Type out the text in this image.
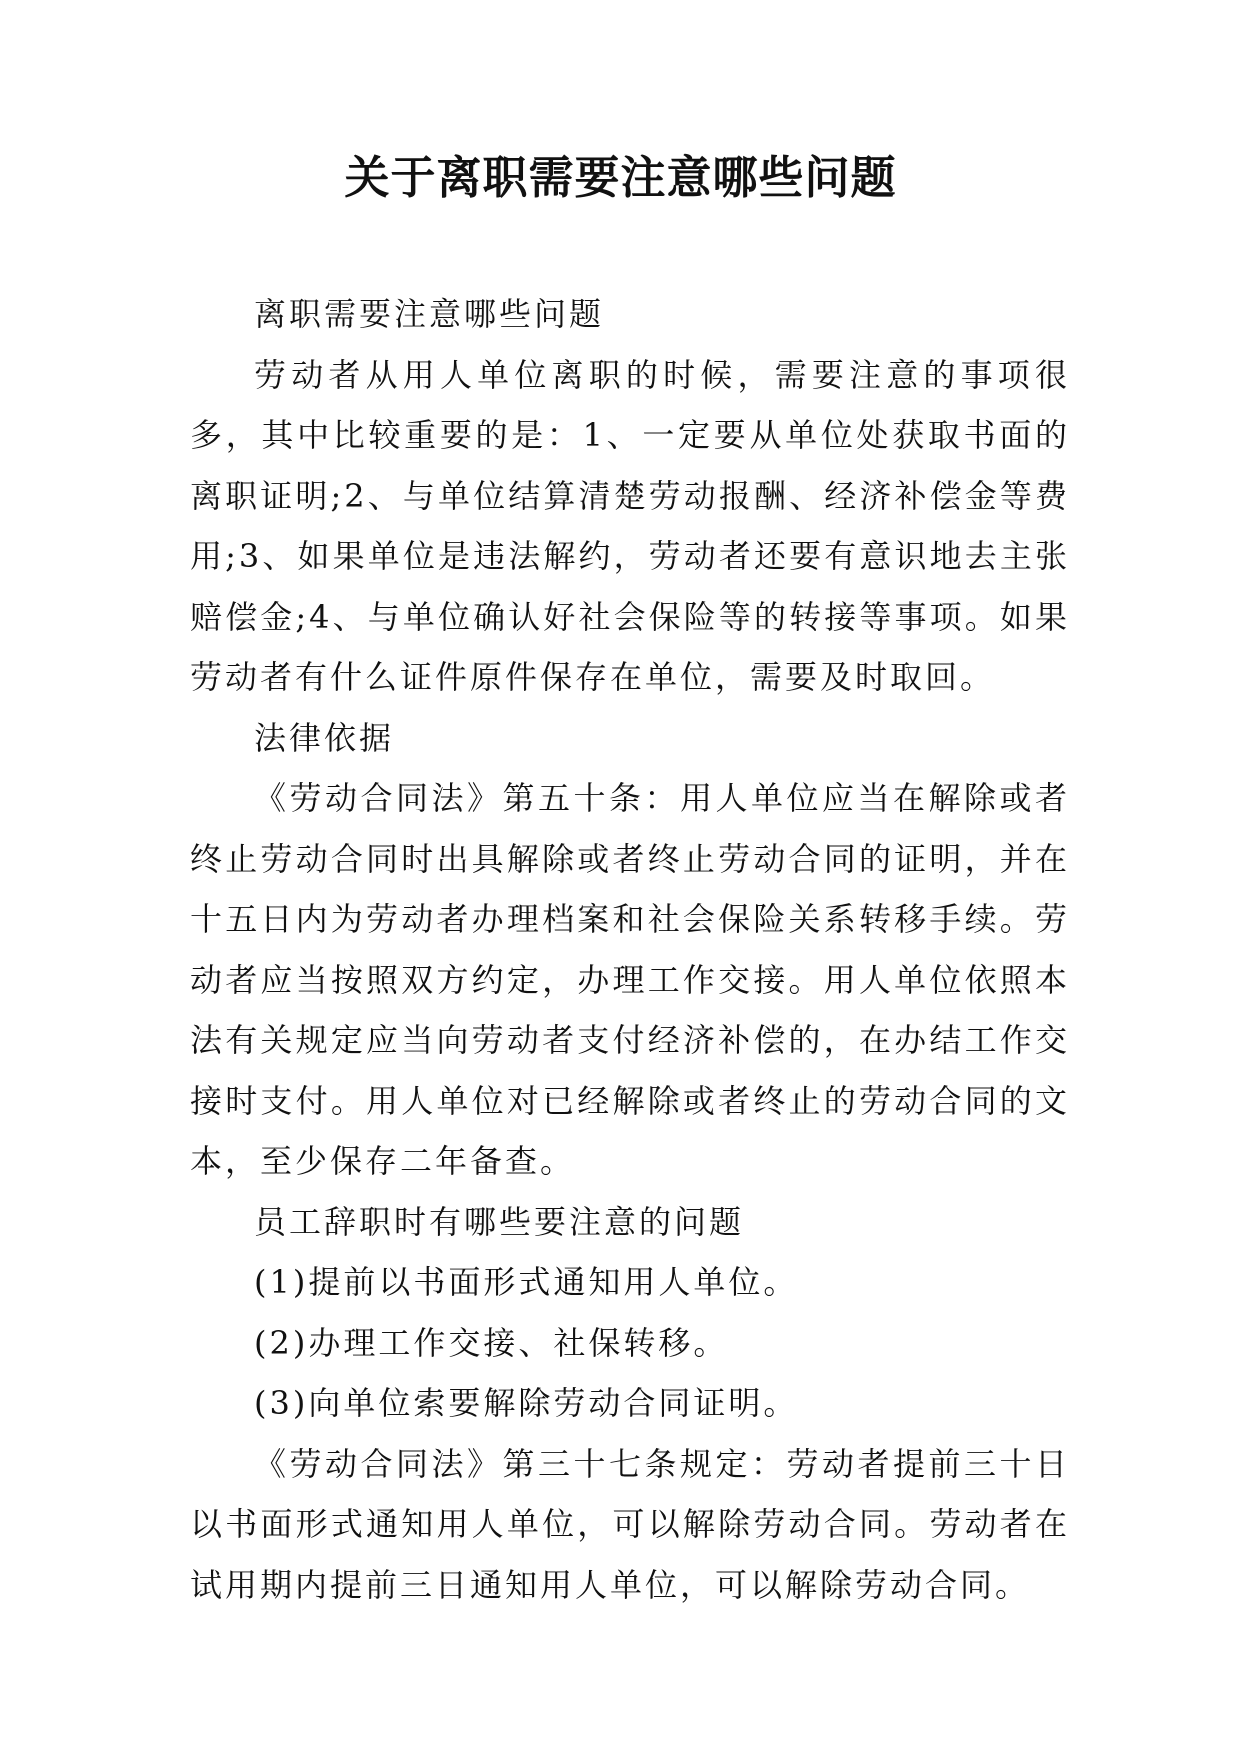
关于离职需要注意哪些问题

离职需要注意哪些问题

劳动者从用人单位离职的时候，需要注意的事项很多，其中比较重要的是：1、一定要从单位处获取书面的离职证明;2、与单位结算清楚劳动报酬、经济补偿金等费用;3、如果单位是违法解约，劳动者还要有意识地去主张赔偿金;4、与单位确认好社会保险等的转接等事项。如果劳动者有什么证件原件保存在单位，需要及时取回。

法律依据

《劳动合同法》第五十条：用人单位应当在解除或者终止劳动合同时出具解除或者终止劳动合同的证明，并在十五日内为劳动者办理档案和社会保险关系转移手续。劳动者应当按照双方约定，办理工作交接。用人单位依照本法有关规定应当向劳动者支付经济补偿的，在办结工作交接时支付。用人单位对已经解除或者终止的劳动合同的文本，至少保存二年备查。

员工辞职时有哪些要注意的问题

(1)提前以书面形式通知用人单位。

(2)办理工作交接、社保转移。

(3)向单位索要解除劳动合同证明。

《劳动合同法》第三十七条规定：劳动者提前三十日以书面形式通知用人单位，可以解除劳动合同。劳动者在试用期内提前三日通知用人单位，可以解除劳动合同。
